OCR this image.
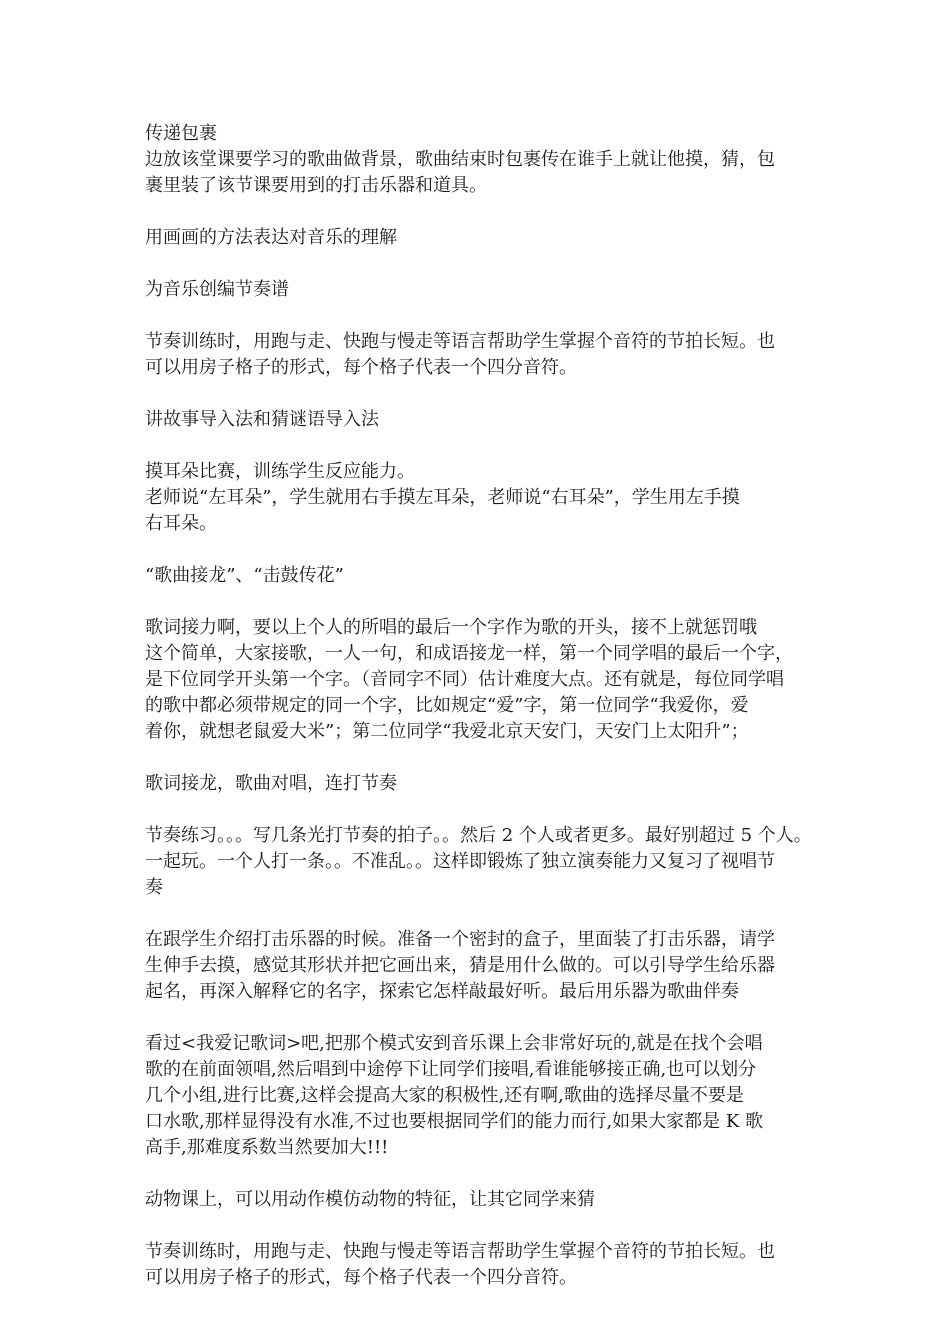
传递包裹
边放该堂课要学习的歌曲做背景，歌曲结束时包裹传在谁手上就让他摸，猜，包
裹里装了该节课要用到的打击乐器和道具。
用画画的方法表达对音乐的理解
为音乐创编节奏谱
节奏训练时，用跑与走、快跑与慢走等语言帮助学生掌握个音符的节拍长短。也
可以用房子格子的形式，每个格子代表一个四分音符。
讲故事导入法和猜谜语导入法
摸耳朵比赛，训练学生反应能力。
老师说“左耳朵”，学生就用右手摸左耳朵，老师说“右耳朵”，学生用左手摸
右耳朵。
“歌曲接龙”、“击鼓传花”
歌词接力啊，要以上个人的所唱的最后一个字作为歌的开头，接不上就惩罚哦
这个简单，大家接歌，一人一句，和成语接龙一样，第一个同学唱的最后一个字，
是下位同学开头第一个字。（音同字不同）估计难度大点。还有就是，每位同学唱
的歌中都必须带规定的同一个字，比如规定“爱”字，第一位同学“我爱你，爱
着你，就想老鼠爱大米”；第二位同学“我爱北京天安门，天安门上太阳升”；
歌词接龙，歌曲对唱，连打节奏
节奏练习。。。写几条光打节奏的拍子。。然后 2 个人或者更多。最好别超过 5 个人。
一起玩。一个人打一条。。不准乱。。这样即锻炼了独立演奏能力又复习了视唱节
奏
在跟学生介绍打击乐器的时候。准备一个密封的盒子，里面装了打击乐器，请学
生伸手去摸，感觉其形状并把它画出来，猜是用什么做的。可以引导学生给乐器
起名，再深入解释它的名字，探索它怎样敲最好听。最后用乐器为歌曲伴奏
看过<我爱记歌词>吧,把那个模式安到音乐课上会非常好玩的,就是在找个会唱
歌的在前面领唱,然后唱到中途停下让同学们接唱,看谁能够接正确,也可以划分
几个小组,进行比赛,这样会提高大家的积极性,还有啊,歌曲的选择尽量不要是
口水歌,那样显得没有水准,不过也要根据同学们的能力而行,如果大家都是 K 歌
高手,那难度系数当然要加大!!!
动物课上，可以用动作模仿动物的特征，让其它同学来猜
节奏训练时，用跑与走、快跑与慢走等语言帮助学生掌握个音符的节拍长短。也
可以用房子格子的形式，每个格子代表一个四分音符。
